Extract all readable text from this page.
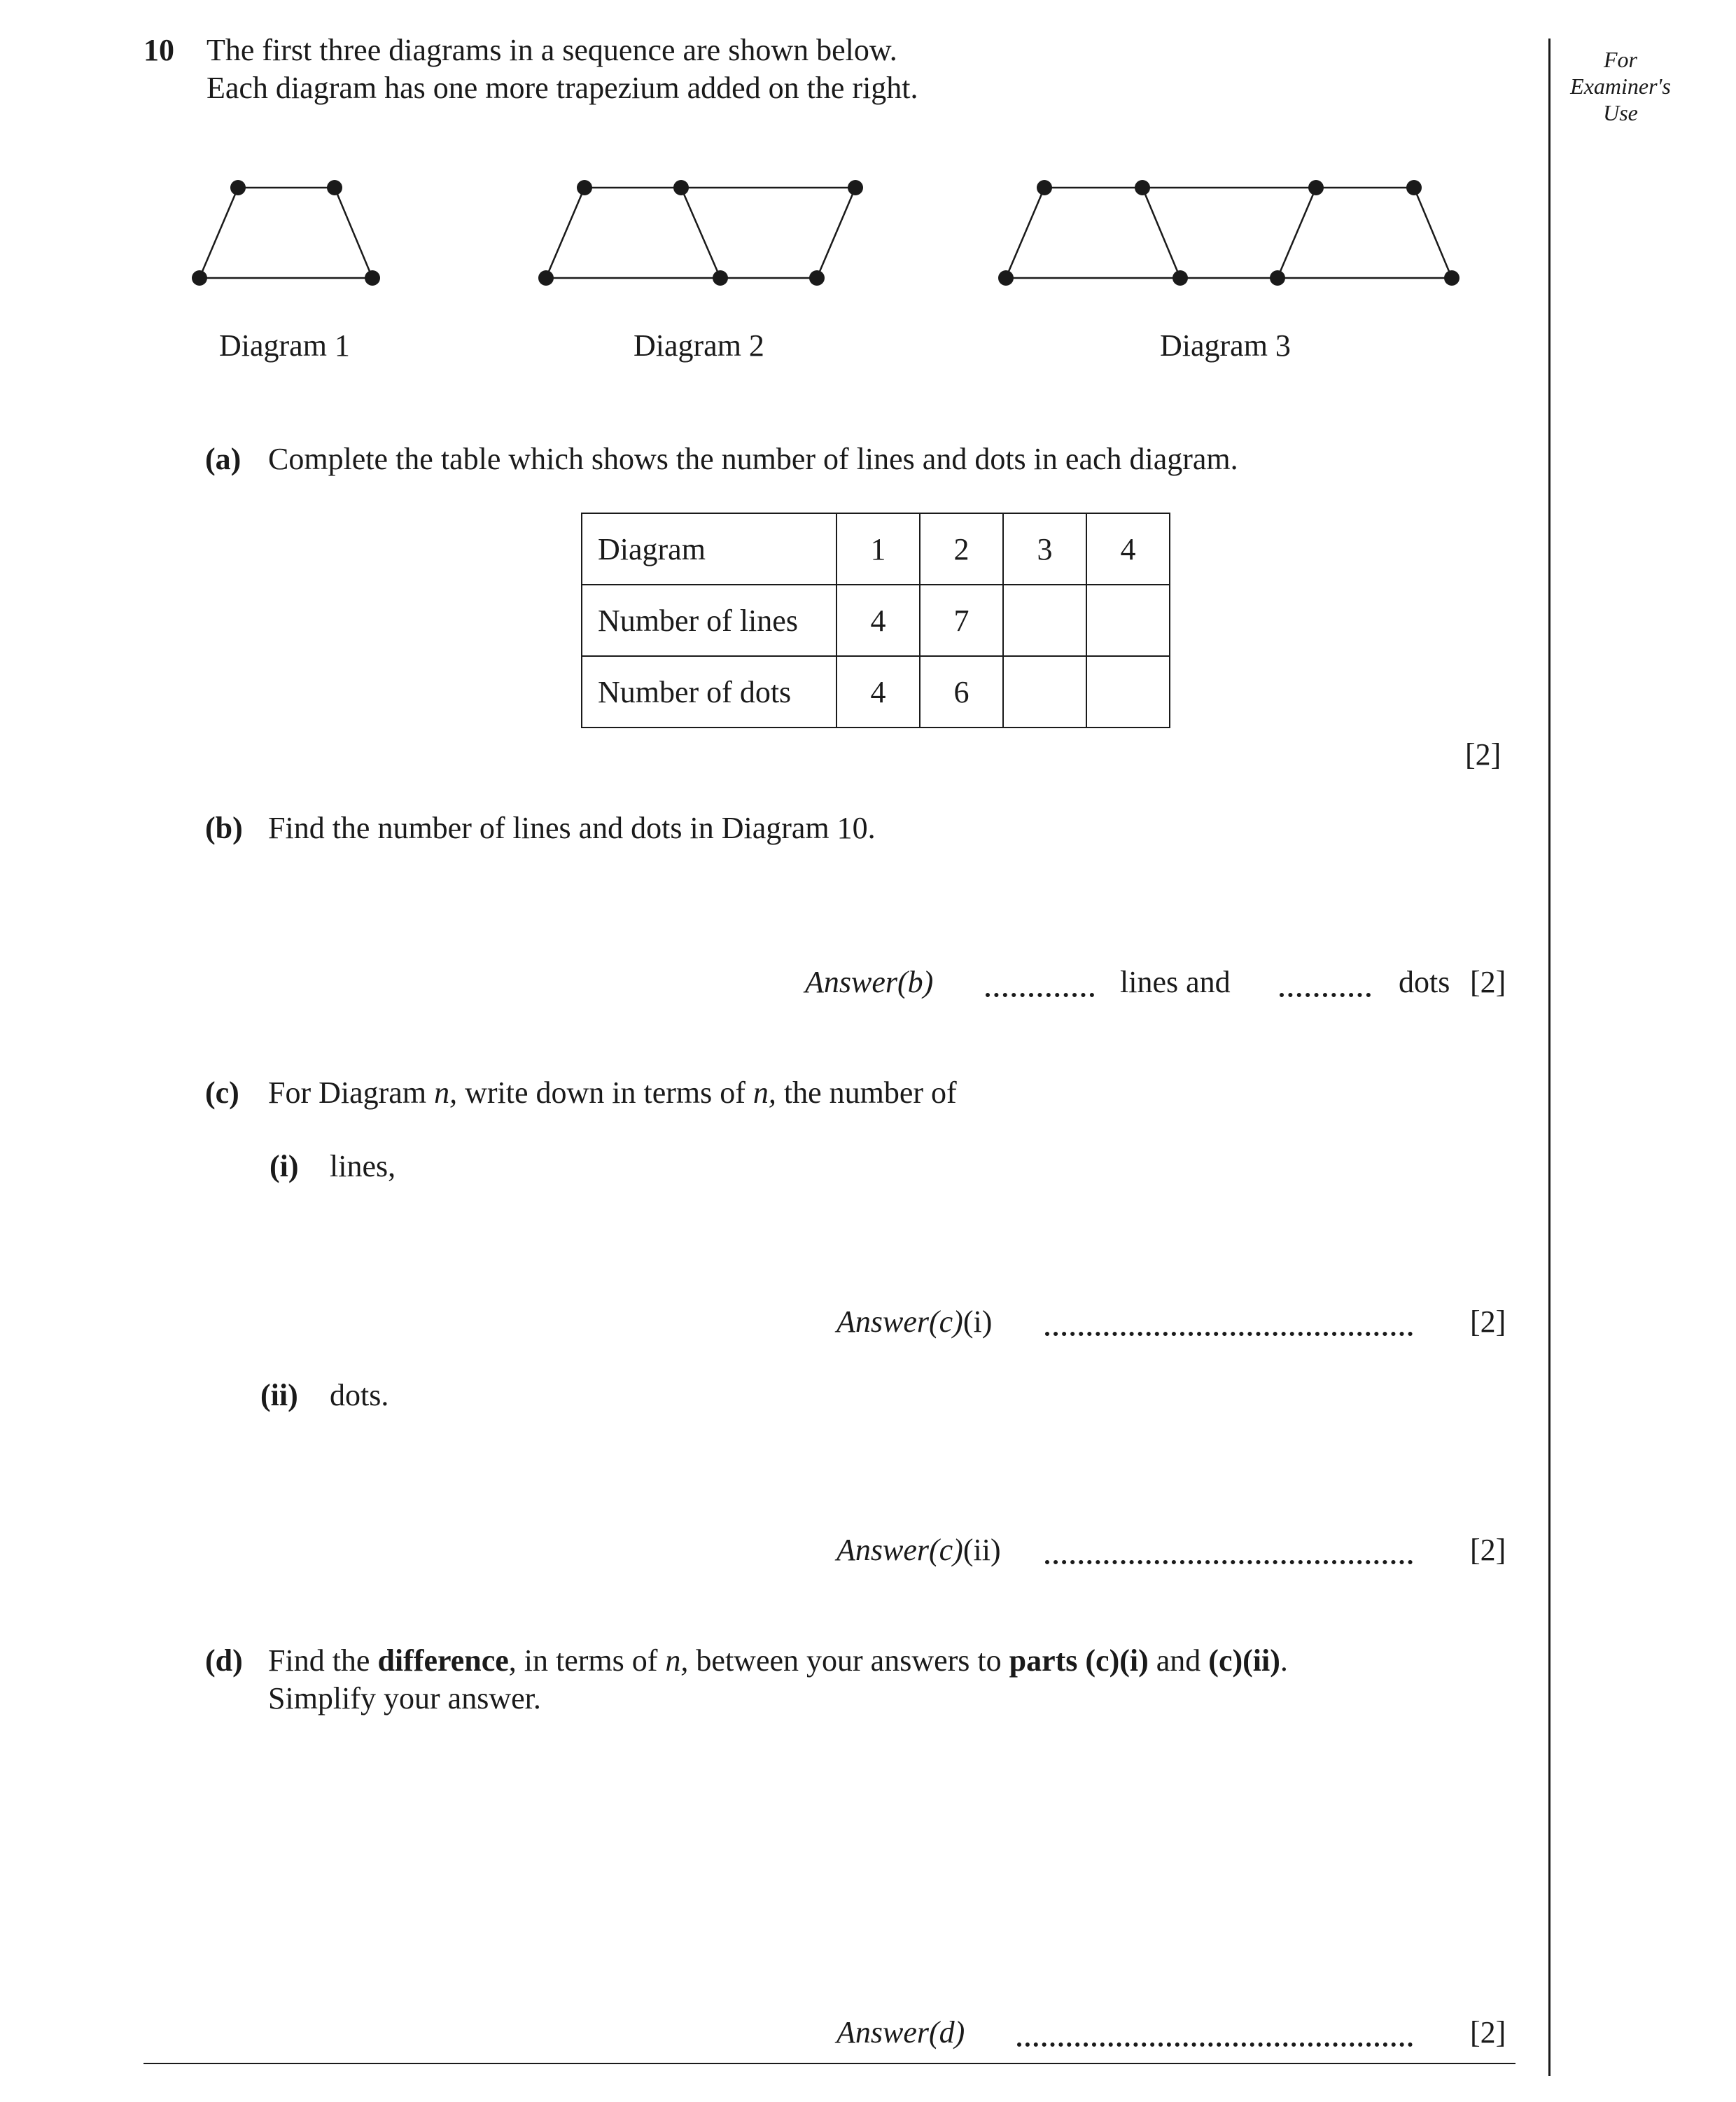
For
Examiner's
Use
10 The first three diagrams in a sequence are shown below.
Each diagram has one more trapezium added on the right.
Diagram 1	Diagram 2	Diagram 3
(a) Complete the table which shows the number of lines and dots in each diagram.
Diagram	1	2	3	4
Number of lines	4	7		
Number of dots	4	6		
[2]
(b) Find the number of lines and dots in Diagram 10.
Answer(b)	lines and	dots [2]
(c) For Diagram n, write down in terms of n, the number of
(i) lines,
Answer(c)(i)	[2]
(ii) dots.
Answer(c)(ii)	[2]
(d) Find the difference, in terms of n, between your answers to parts (c)(i) and (c)(ii).
Simplify your answer.
Answer(d)	[2]
